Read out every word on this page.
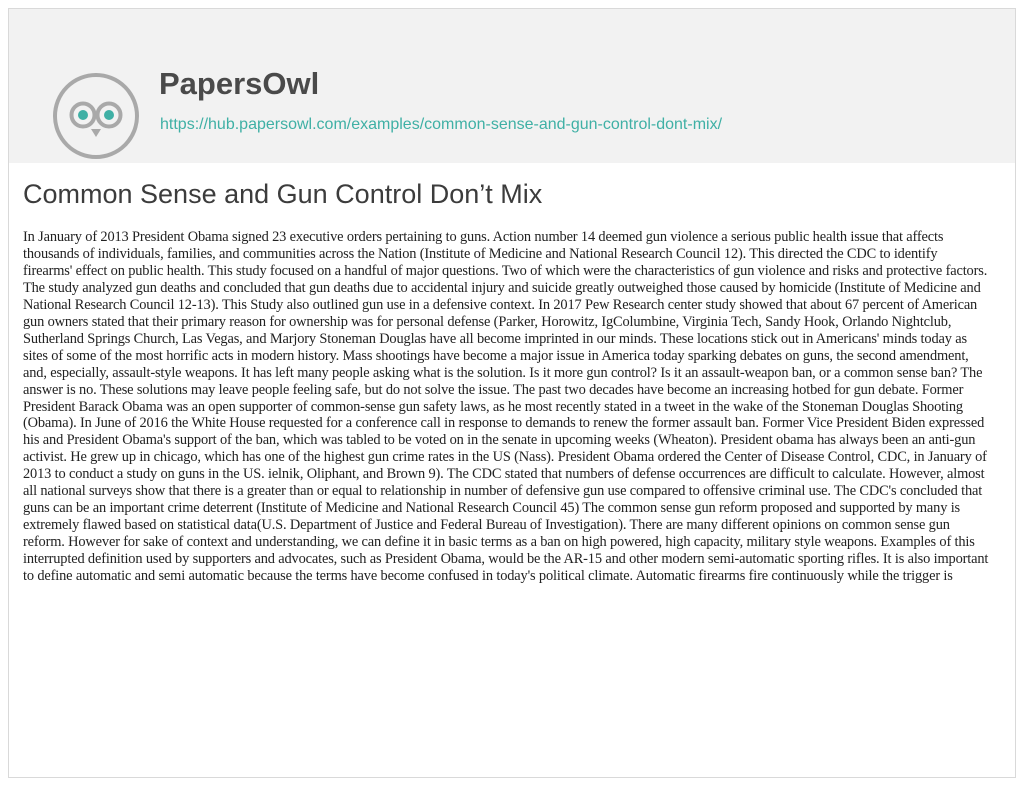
PapersOwl
https://hub.papersowl.com/examples/common-sense-and-gun-control-dont-mix/
Common Sense and Gun Control Don’t Mix

In January of 2013 President Obama signed 23 executive orders pertaining to guns. Action number 14 deemed gun violence a serious public health issue that affects thousands of individuals, families, and communities across the Nation (Institute of Medicine and National Research Council 12). This directed the CDC to identify firearms' effect on public health. This study focused on a handful of major questions. Two of which were the characteristics of gun violence and risks and protective factors. The study analyzed gun deaths and concluded that gun deaths due to accidental injury and suicide greatly outweighed those caused by homicide (Institute of Medicine and National Research Council 12-13). This Study also outlined gun use in a defensive context. In 2017 Pew Research center study showed that about 67 percent of American gun owners stated that their primary reason for ownership was for personal defense (Parker, Horowitz, IgColumbine, Virginia Tech, Sandy Hook, Orlando Nightclub, Sutherland Springs Church, Las Vegas, and Marjory Stoneman Douglas have all become imprinted in our minds. These locations stick out in Americans' minds today as sites of some of the most horrific acts in modern history. Mass shootings have become a major issue in America today sparking debates on guns, the second amendment, and, especially, assault-style weapons. It has left many people asking what is the solution. Is it more gun control? Is it an assault-weapon ban, or a common sense ban? The answer is no. These solutions may leave people feeling safe, but do not solve the issue. The past two decades have become an increasing hotbed for gun debate. Former President Barack Obama was an open supporter of common-sense gun safety laws, as he most recently stated in a tweet in the wake of the Stoneman Douglas Shooting (Obama). In June of 2016 the White House requested for a conference call in response to demands to renew the former assault ban. Former Vice President Biden expressed his and President Obama's support of the ban, which was tabled to be voted on in the senate in upcoming weeks (Wheaton). President obama has always been an anti-gun activist. He grew up in chicago, which has one of the highest gun crime rates in the US (Nass). President Obama ordered the Center of Disease Control, CDC, in January of 2013 to conduct a study on guns in the US. ielnik, Oliphant, and Brown 9). The CDC stated that numbers of defense occurrences are difficult to calculate. However, almost all national surveys show that there is a greater than or equal to relationship in number of defensive gun use compared to offensive criminal use. The CDC's concluded that guns can be an important crime deterrent (Institute of Medicine and National Research Council 45) The common sense gun reform proposed and supported by many is extremely flawed based on statistical data(U.S. Department of Justice and Federal Bureau of Investigation). There are many different opinions on common sense gun reform. However for sake of context and understanding, we can define it in basic terms as a ban on high powered, high capacity, military style weapons. Examples of this interrupted definition used by supporters and advocates, such as President Obama, would be the AR-15 and other modern semi-automatic sporting rifles. It is also important to define automatic and semi automatic because the terms have become confused in today's political climate. Automatic firearms fire continuously while the trigger is
